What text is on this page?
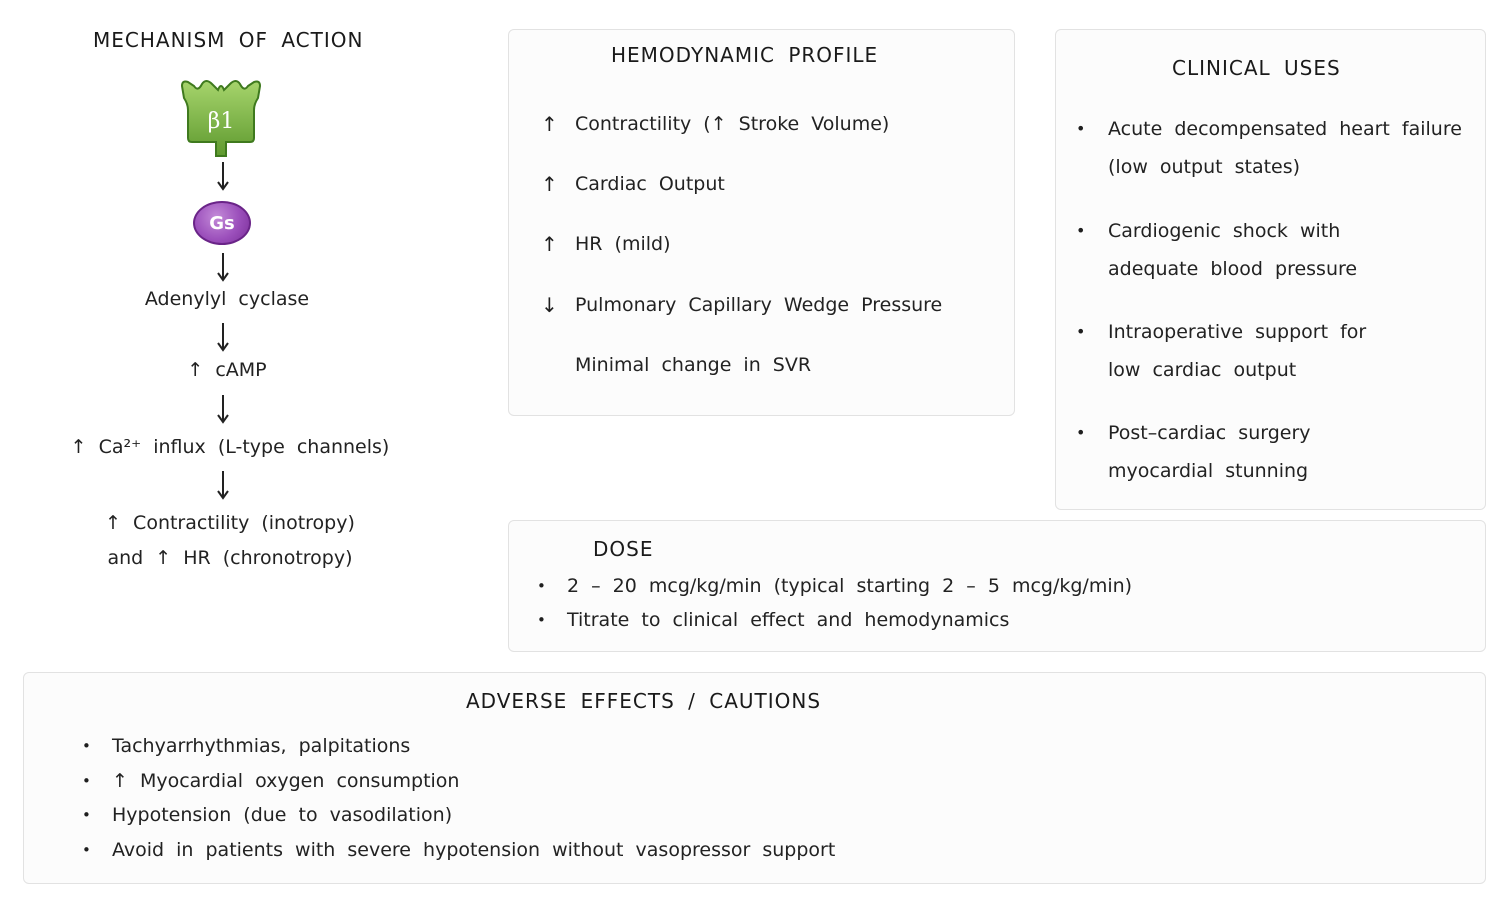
MECHANISM OF ACTION
β1
Gs
Adenylyl cyclase
↑ cAMP
↑ Ca²⁺ influx (L-type channels)
↑ Contractility (inotropy)
and ↑ HR (chronotropy)
HEMODYNAMIC PROFILE
↑ Contractility (↑ Stroke Volume)
↑ Cardiac Output
↑ HR (mild)
↓ Pulmonary Capillary Wedge Pressure
Minimal change in SVR
CLINICAL USES
•	Acute decompensated heart failure
(low output states)
•	Cardiogenic shock with
adequate blood pressure
•	Intraoperative support for
low cardiac output
•	Post–cardiac surgery
myocardial stunning
DOSE
•	2 – 20 mcg/kg/min (typical starting 2 – 5 mcg/kg/min)
•	Titrate to clinical effect and hemodynamics
ADVERSE EFFECTS / CAUTIONS
•	Tachyarrhythmias, palpitations
•	↑ Myocardial oxygen consumption
•	Hypotension (due to vasodilation)
•	Avoid in patients with severe hypotension without vasopressor support
